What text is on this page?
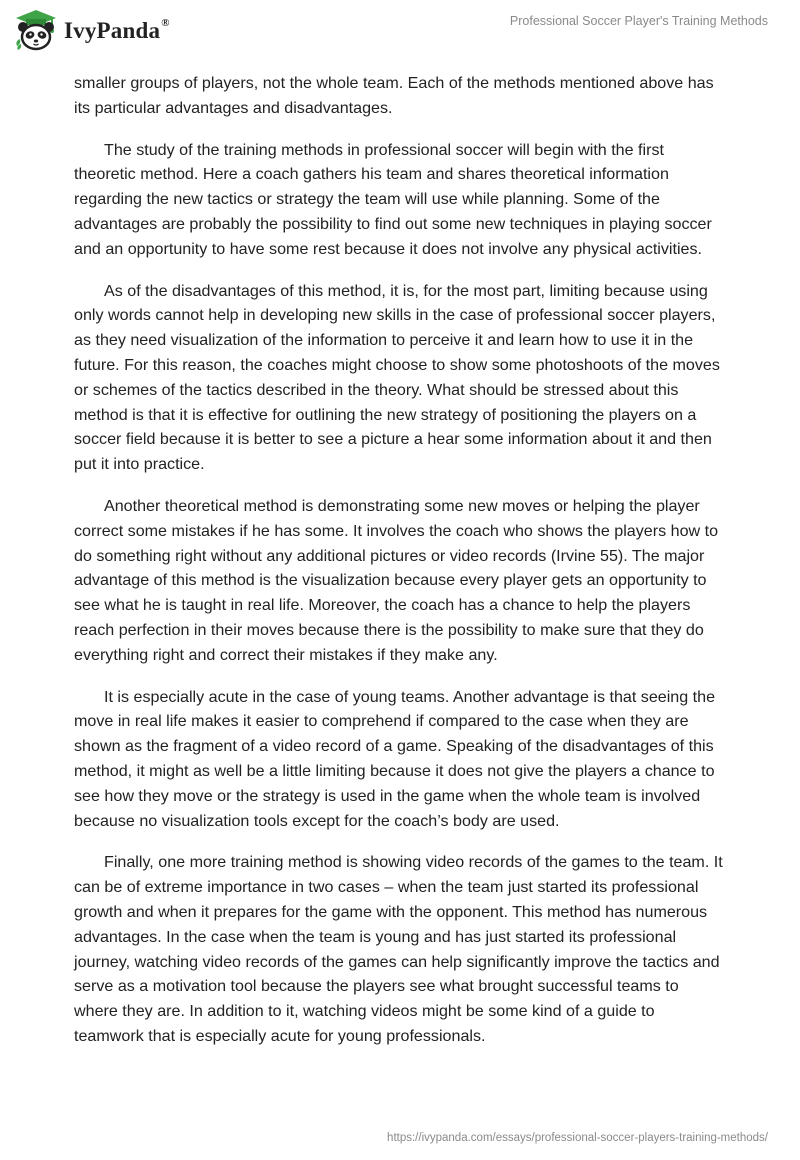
IvyPanda®	Professional Soccer Player's Training Methods

smaller groups of players, not the whole team. Each of the methods mentioned above has its particular advantages and disadvantages.

The study of the training methods in professional soccer will begin with the first theoretic method. Here a coach gathers his team and shares theoretical information regarding the new tactics or strategy the team will use while planning. Some of the advantages are probably the possibility to find out some new techniques in playing soccer and an opportunity to have some rest because it does not involve any physical activities.

As of the disadvantages of this method, it is, for the most part, limiting because using only words cannot help in developing new skills in the case of professional soccer players, as they need visualization of the information to perceive it and learn how to use it in the future. For this reason, the coaches might choose to show some photoshoots of the moves or schemes of the tactics described in the theory. What should be stressed about this method is that it is effective for outlining the new strategy of positioning the players on a soccer field because it is better to see a picture a hear some information about it and then put it into practice.

Another theoretical method is demonstrating some new moves or helping the player correct some mistakes if he has some. It involves the coach who shows the players how to do something right without any additional pictures or video records (Irvine 55). The major advantage of this method is the visualization because every player gets an opportunity to see what he is taught in real life. Moreover, the coach has a chance to help the players reach perfection in their moves because there is the possibility to make sure that they do everything right and correct their mistakes if they make any.

It is especially acute in the case of young teams. Another advantage is that seeing the move in real life makes it easier to comprehend if compared to the case when they are shown as the fragment of a video record of a game. Speaking of the disadvantages of this method, it might as well be a little limiting because it does not give the players a chance to see how they move or the strategy is used in the game when the whole team is involved because no visualization tools except for the coach’s body are used.

Finally, one more training method is showing video records of the games to the team. It can be of extreme importance in two cases – when the team just started its professional growth and when it prepares for the game with the opponent. This method has numerous advantages. In the case when the team is young and has just started its professional journey, watching video records of the games can help significantly improve the tactics and serve as a motivation tool because the players see what brought successful teams to where they are. In addition to it, watching videos might be some kind of a guide to teamwork that is especially acute for young professionals.

https://ivypanda.com/essays/professional-soccer-players-training-methods/
